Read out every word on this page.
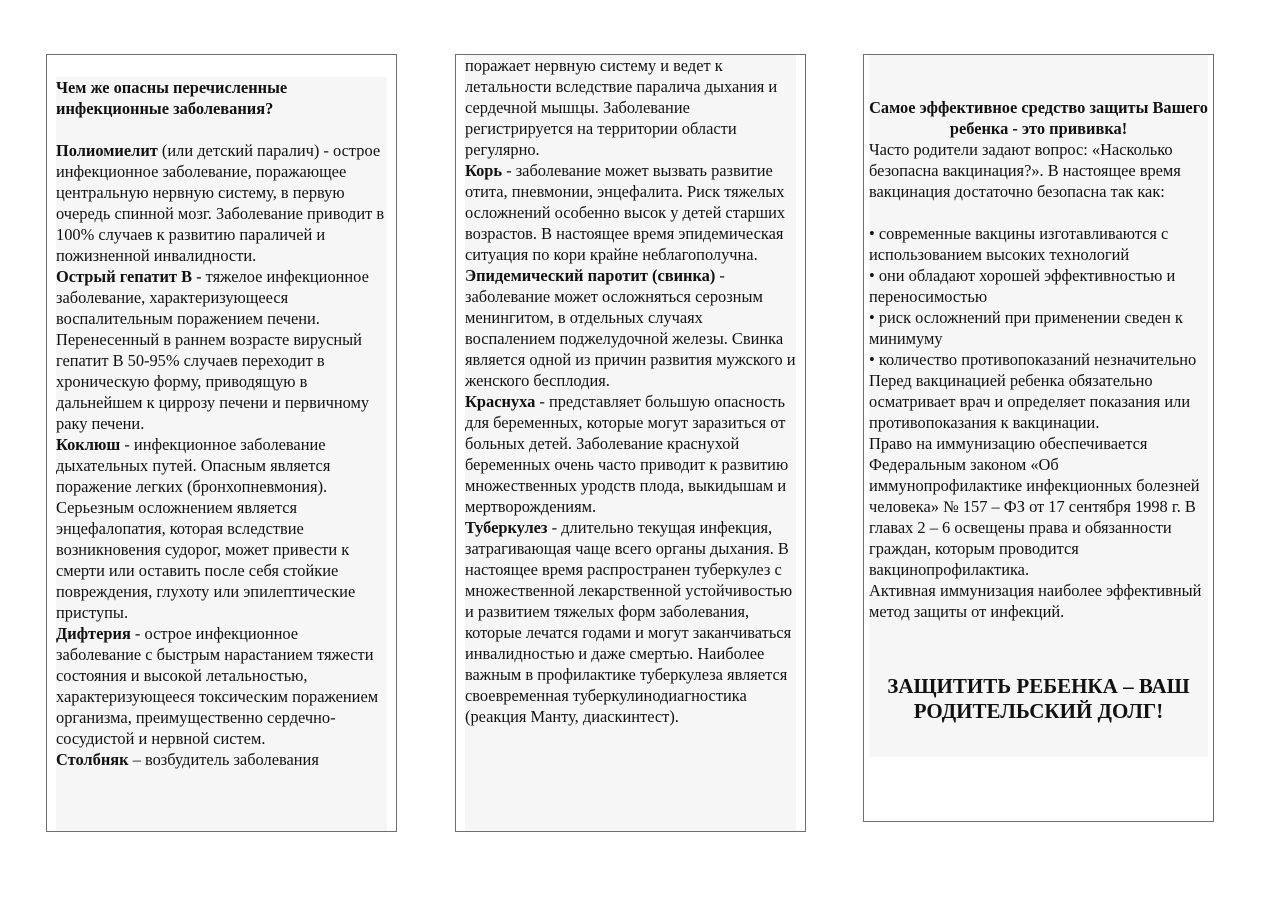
Чем же опасны перечисленные инфекционные заболевания?

Полиомиелит (или детский паралич) - острое инфекционное заболевание, поражающее центральную нервную систему, в первую очередь спинной мозг. Заболевание приводит в 100% случаев к развитию параличей и пожизненной инвалидности.

Острый гепатит В - тяжелое инфекционное заболевание, характеризующееся воспалительным поражением печени. Перенесенный в раннем возрасте вирусный гепатит В 50-95% случаев переходит в хроническую форму, приводящую в дальнейшем к циррозу печени и первичному раку печени.

Коклюш - инфекционное заболевание дыхательных путей. Опасным является поражение легких (бронхопневмония). Серьезным осложнением является энцефалопатия, которая вследствие возникновения судорог, может привести к смерти или оставить после себя стойкие повреждения, глухоту или эпилептические приступы.

Дифтерия - острое инфекционное заболевание с быстрым нарастанием тяжести состояния и высокой летальностью, характеризующееся токсическим поражением организма, преимущественно сердечно- сосудистой и нервной систем.

Столбняк – возбудитель заболевания

поражает нервную систему и ведет к летальности вследствие паралича дыхания и сердечной мышцы. Заболевание регистрируется на территории области регулярно.

Корь - заболевание может вызвать развитие отита, пневмонии, энцефалита. Риск тяжелых осложнений особенно высок у детей старших возрастов. В настоящее время эпидемическая ситуация по кори крайне неблагополучна.

Эпидемический паротит (свинка) - заболевание может осложняться серозным менингитом, в отдельных случаях воспалением поджелудочной железы. Свинка является одной из причин развития мужского и женского бесплодия.

Краснуха - представляет большую опасность для беременных, которые могут заразиться от больных детей. Заболевание краснухой беременных очень часто приводит к развитию множественных уродств плода, выкидышам и мертворождениям.

Туберкулез - длительно текущая инфекция, затрагивающая чаще всего органы дыхания. В настоящее время распространен туберкулез с множественной лекарственной устойчивостью и развитием тяжелых форм заболевания, которые лечатся годами и могут заканчиваться инвалидностью и даже смертью. Наиболее важным в профилактике туберкулеза является своевременная туберкулинодиагностика (реакция Манту, диаскинтест).

Самое эффективное средство защиты Вашего ребенка - это прививка!

Часто родители задают вопрос: «Насколько безопасна вакцинация?». В настоящее время вакцинация достаточно безопасна так как:

• современные вакцины изготавливаются с использованием высоких технологий

• они обладают хорошей эффективностью и переносимостью

• риск осложнений при применении сведен к минимуму

• количество противопоказаний незначительно

Перед вакцинацией ребенка обязательно осматривает врач и определяет показания или противопоказания к вакцинации.

Право на иммунизацию обеспечивается Федеральным законом «Об иммунопрофилактике инфекционных болезней человека» № 157 – ФЗ от 17 сентября 1998 г. В главах 2 – 6 освещены права и обязанности граждан, которым проводится вакцинопрофилактика.

Активная иммунизация наиболее эффективный метод защиты от инфекций.

ЗАЩИТИТЬ РЕБЕНКА – ВАШ РОДИТЕЛЬСКИЙ ДОЛГ!
